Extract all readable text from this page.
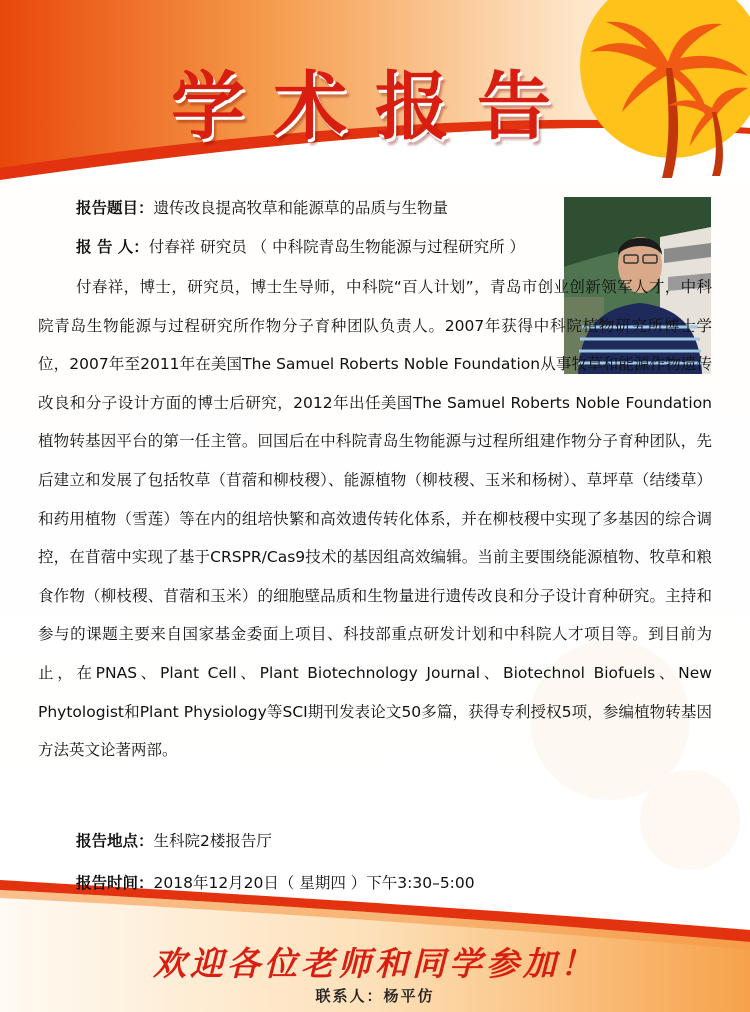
学术报告
报告题目：遗传改良提高牧草和能源草的品质与生物量
报 告 人：付春祥 研究员 （ 中科院青岛生物能源与过程研究所 ）

付春祥，博士，研究员，博士生导师，中科院“百人计划”，青岛市创业创新领军人才，中科院青岛生物能源与过程研究所作物分子育种团队负责人。2007年获得中科院植物研究所博士学位，2007年至2011年在美国The Samuel Roberts Noble Foundation从事牧草和能源作物遗传改良和分子设计方面的博士后研究，2012年出任美国The Samuel Roberts Noble Foundation植物转基因平台的第一任主管。回国后在中科院青岛生物能源与过程所组建作物分子育种团队，先后建立和发展了包括牧草（苜蓿和柳枝稷）、能源植物（柳枝稷、玉米和杨树）、草坪草（结缕草）和药用植物（雪莲）等在内的组培快繁和高效遗传转化体系，并在柳枝稷中实现了多基因的综合调控，在苜蓿中实现了基于CRSPR/Cas9技术的基因组高效编辑。当前主要围绕能源植物、牧草和粮食作物（柳枝稷、苜蓿和玉米）的细胞壁品质和生物量进行遗传改良和分子设计育种研究。主持和参与的课题主要来自国家基金委面上项目、科技部重点研发计划和中科院人才项目等。到目前为止，在PNAS、Plant Cell、Plant Biotechnology Journal、Biotechnol Biofuels、New Phytologist和Plant Physiology等SCI期刊发表论文50多篇，获得专利授权5项，参编植物转基因方法英文论著两部。

报告地点：生科院2楼报告厅
报告时间：2018年12月20日（ 星期四 ）下午3:30–5:00

欢迎各位老师和同学参加！

联系人：杨平仿
